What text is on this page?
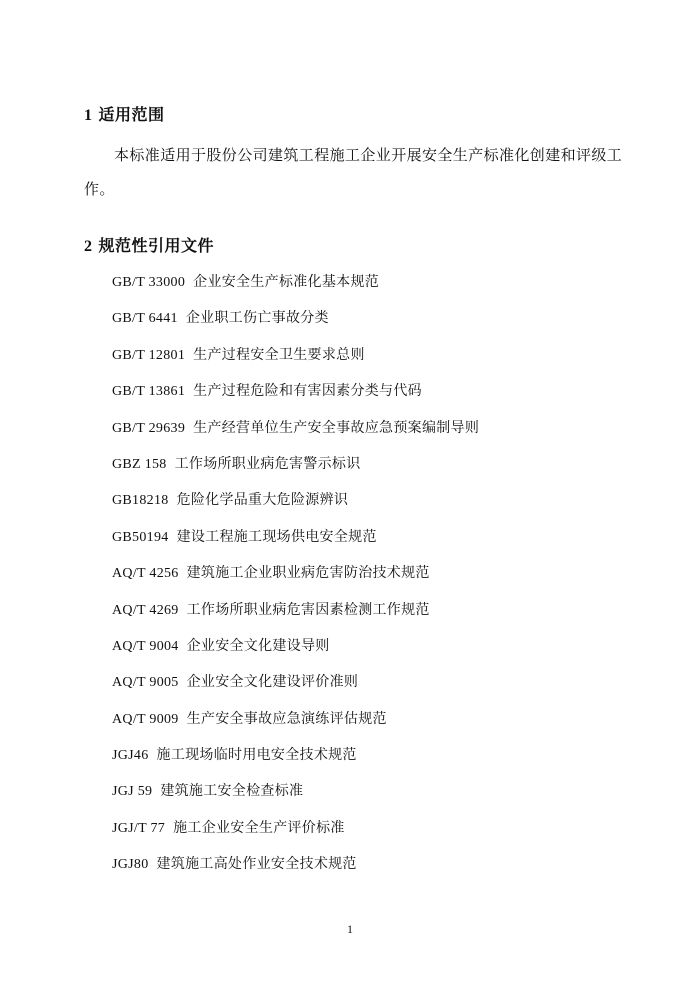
1 适用范围

本标准适用于股份公司建筑工程施工企业开展安全生产标准化创建和评级工作。

2 规范性引用文件
GB/T 33000 企业安全生产标准化基本规范
GB/T 6441 企业职工伤亡事故分类
GB/T 12801 生产过程安全卫生要求总则
GB/T 13861 生产过程危险和有害因素分类与代码
GB/T 29639 生产经营单位生产安全事故应急预案编制导则
GBZ 158 工作场所职业病危害警示标识
GB18218 危险化学品重大危险源辨识
GB50194 建设工程施工现场供电安全规范
AQ/T 4256 建筑施工企业职业病危害防治技术规范
AQ/T 4269 工作场所职业病危害因素检测工作规范
AQ/T 9004 企业安全文化建设导则
AQ/T 9005 企业安全文化建设评价准则
AQ/T 9009 生产安全事故应急演练评估规范
JGJ46 施工现场临时用电安全技术规范
JGJ 59 建筑施工安全检查标准
JGJ/T 77 施工企业安全生产评价标准
JGJ80 建筑施工高处作业安全技术规范
1
